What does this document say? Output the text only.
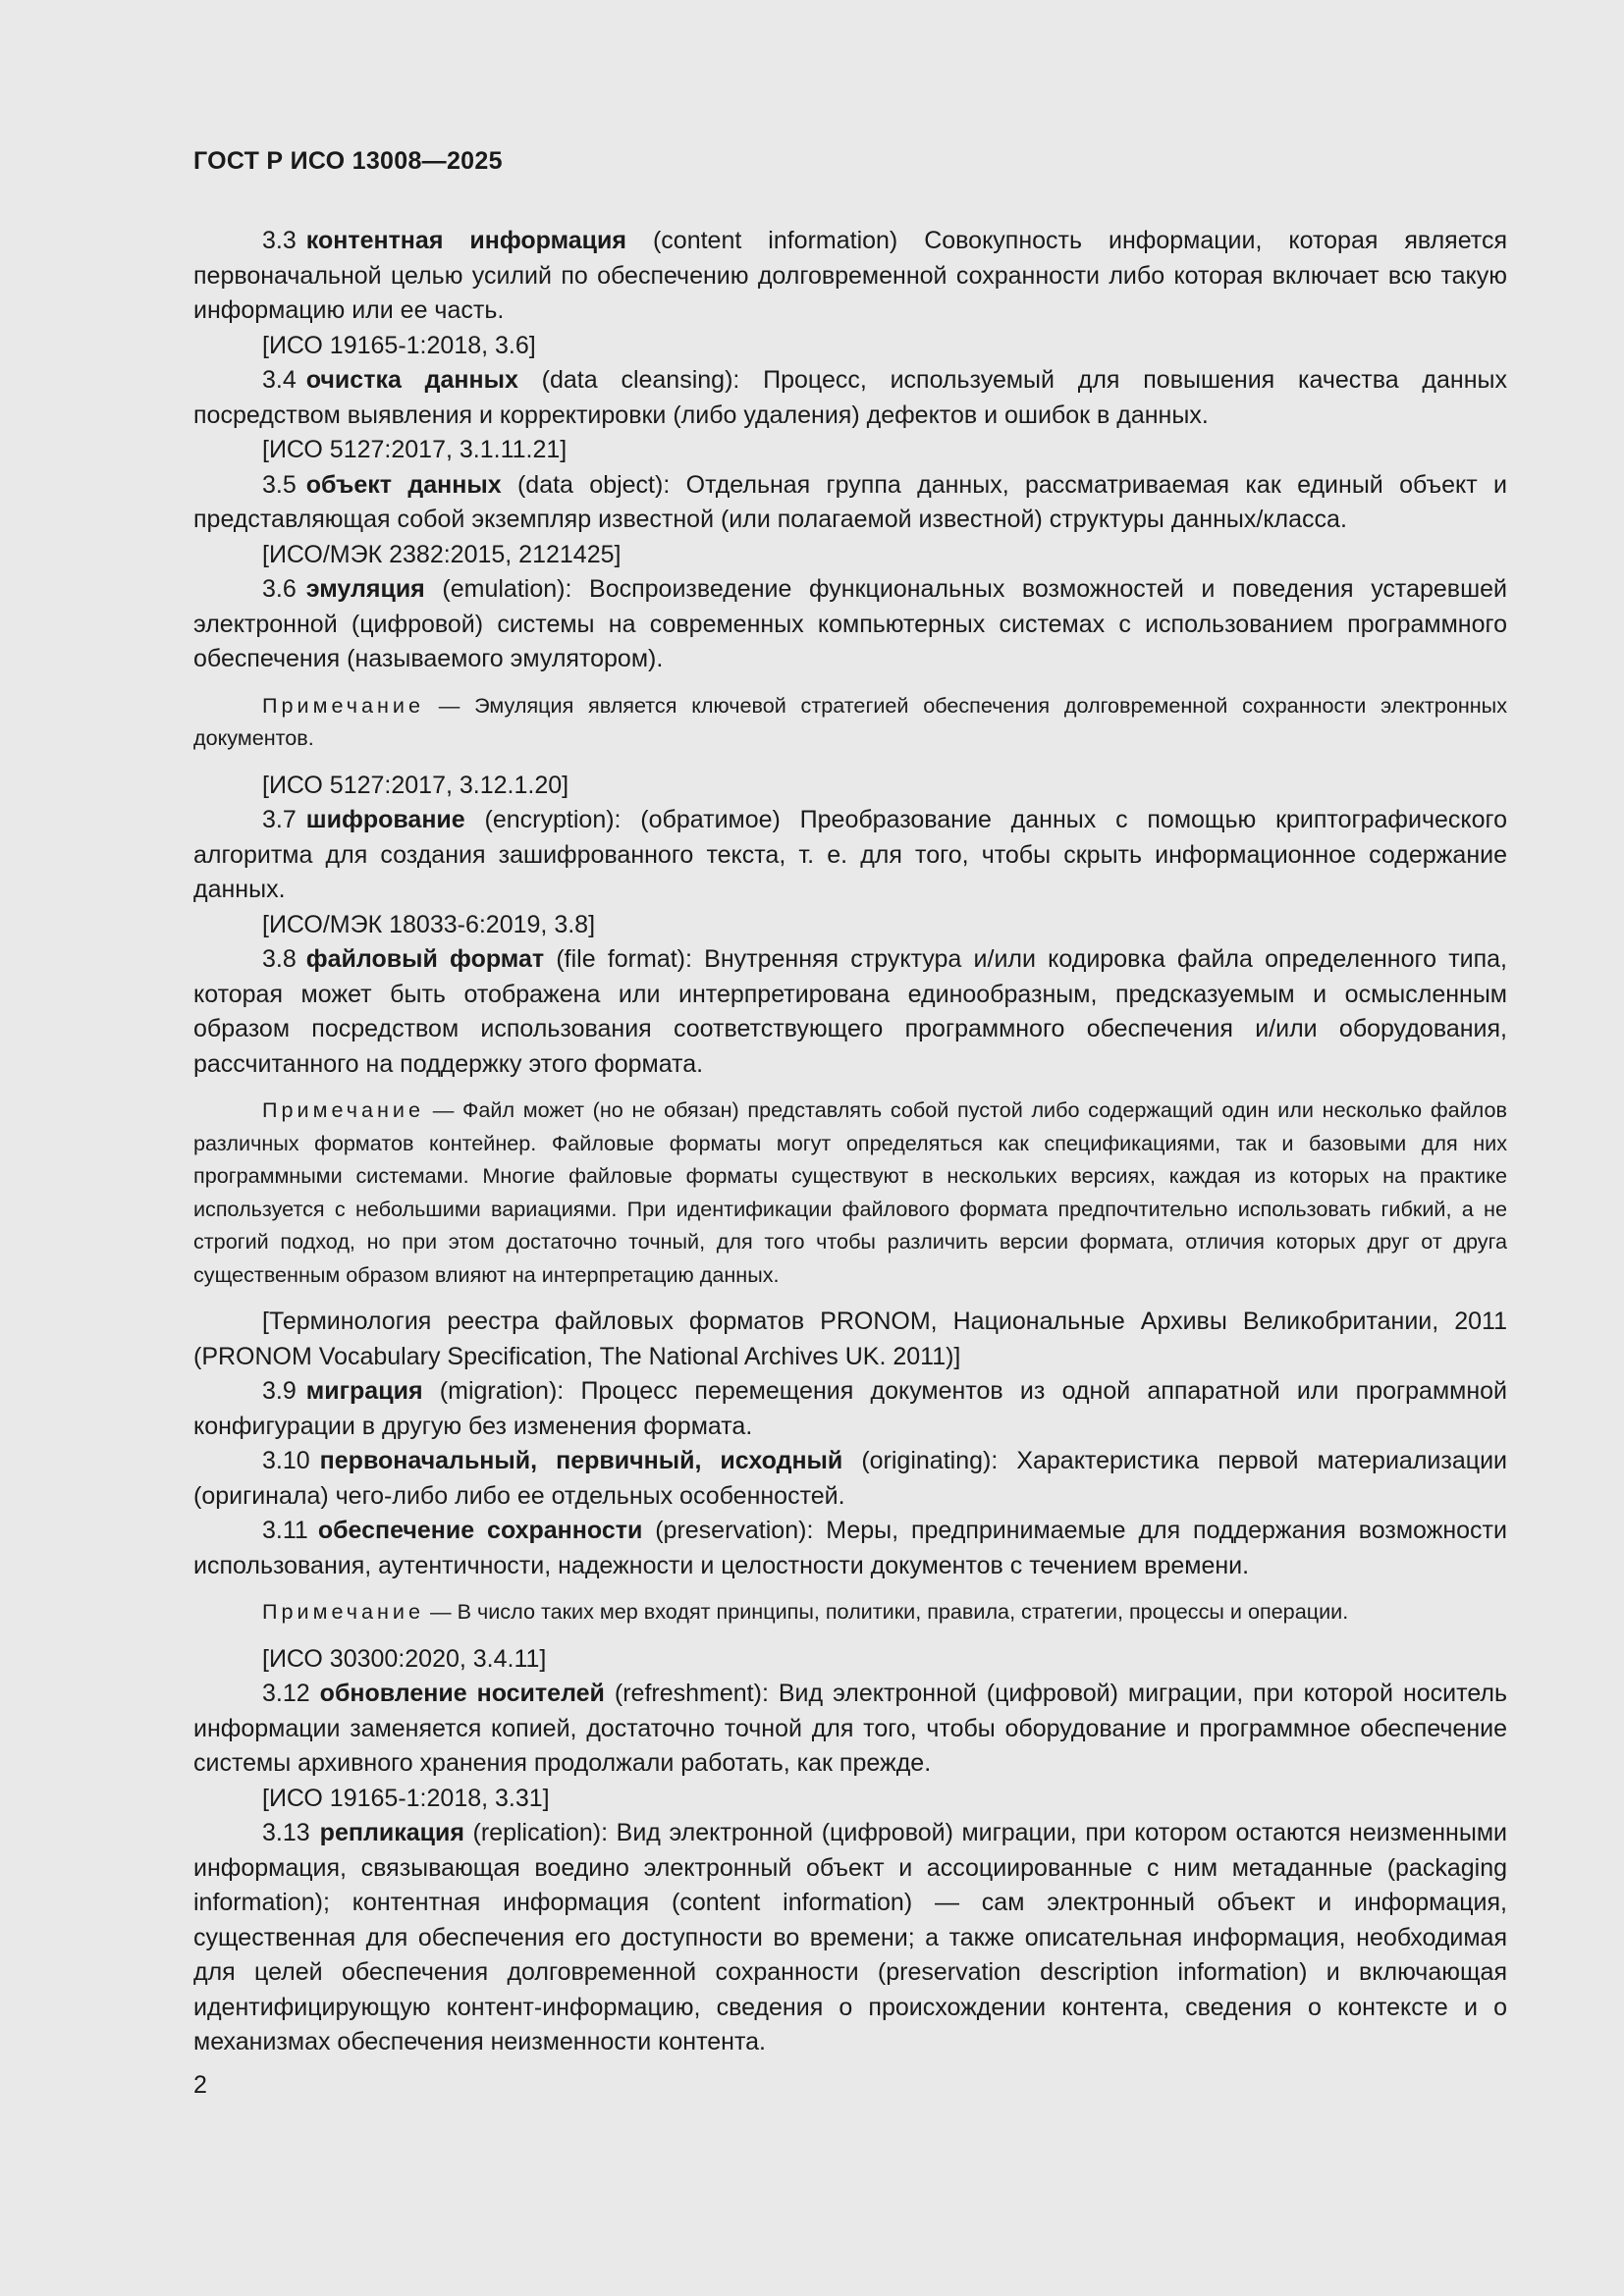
ГОСТ Р ИСО 13008—2025

3.3 контентная информация (content information) Совокупность информации, которая является первоначальной целью усилий по обеспечению долговременной сохранности либо которая включает всю такую информацию или ее часть.

[ИСО 19165-1:2018, 3.6]

3.4 очистка данных (data cleansing): Процесс, используемый для повышения качества данных посредством выявления и корректировки (либо удаления) дефектов и ошибок в данных.

[ИСО 5127:2017, 3.1.11.21]

3.5 объект данных (data object): Отдельная группа данных, рассматриваемая как единый объект и представляющая собой экземпляр известной (или полагаемой известной) структуры данных/класса.

[ИСО/МЭК 2382:2015, 2121425]

3.6 эмуляция (emulation): Воспроизведение функциональных возможностей и поведения устаревшей электронной (цифровой) системы на современных компьютерных системах с использованием программного обеспечения (называемого эмулятором).

Примечание — Эмуляция является ключевой стратегией обеспечения долговременной сохранности электронных документов.

[ИСО 5127:2017, 3.12.1.20]

3.7 шифрование (encryption): (обратимое) Преобразование данных с помощью криптографического алгоритма для создания зашифрованного текста, т. е. для того, чтобы скрыть информационное содержание данных.

[ИСО/МЭК 18033-6:2019, 3.8]

3.8 файловый формат (file format): Внутренняя структура и/или кодировка файла определенного типа, которая может быть отображена или интерпретирована единообразным, предсказуемым и осмысленным образом посредством использования соответствующего программного обеспечения и/или оборудования, рассчитанного на поддержку этого формата.

Примечание — Файл может (но не обязан) представлять собой пустой либо содержащий один или несколько файлов различных форматов контейнер. Файловые форматы могут определяться как спецификациями, так и базовыми для них программными системами. Многие файловые форматы существуют в нескольких версиях, каждая из которых на практике используется с небольшими вариациями. При идентификации файлового формата предпочтительно использовать гибкий, а не строгий подход, но при этом достаточно точный, для того чтобы различить версии формата, отличия которых друг от друга существенным образом влияют на интерпретацию данных.

[Терминология реестра файловых форматов PRONOM, Национальные Архивы Великобритании, 2011 (PRONOM Vocabulary Specification, The National Archives UK. 2011)]

3.9 миграция (migration): Процесс перемещения документов из одной аппаратной или программной конфигурации в другую без изменения формата.

3.10 первоначальный, первичный, исходный (originating): Характеристика первой материализации (оригинала) чего-либо либо ее отдельных особенностей.

3.11 обеспечение сохранности (preservation): Меры, предпринимаемые для поддержания возможности использования, аутентичности, надежности и целостности документов с течением времени.

Примечание — В число таких мер входят принципы, политики, правила, стратегии, процессы и операции.

[ИСО 30300:2020, 3.4.11]

3.12 обновление носителей (refreshment): Вид электронной (цифровой) миграции, при которой носитель информации заменяется копией, достаточно точной для того, чтобы оборудование и программное обеспечение системы архивного хранения продолжали работать, как прежде.

[ИСО 19165-1:2018, 3.31]

3.13 репликация (replication): Вид электронной (цифровой) миграции, при котором остаются неизменными информация, связывающая воедино электронный объект и ассоциированные с ним метаданные (packaging information); контентная информация (content information) — сам электронный объект и информация, существенная для обеспечения его доступности во времени; а также описательная информация, необходимая для целей обеспечения долговременной сохранности (preservation description information) и включающая идентифицирующую контент-информацию, сведения о происхождении контента, сведения о контексте и о механизмах обеспечения неизменности контента.

2
